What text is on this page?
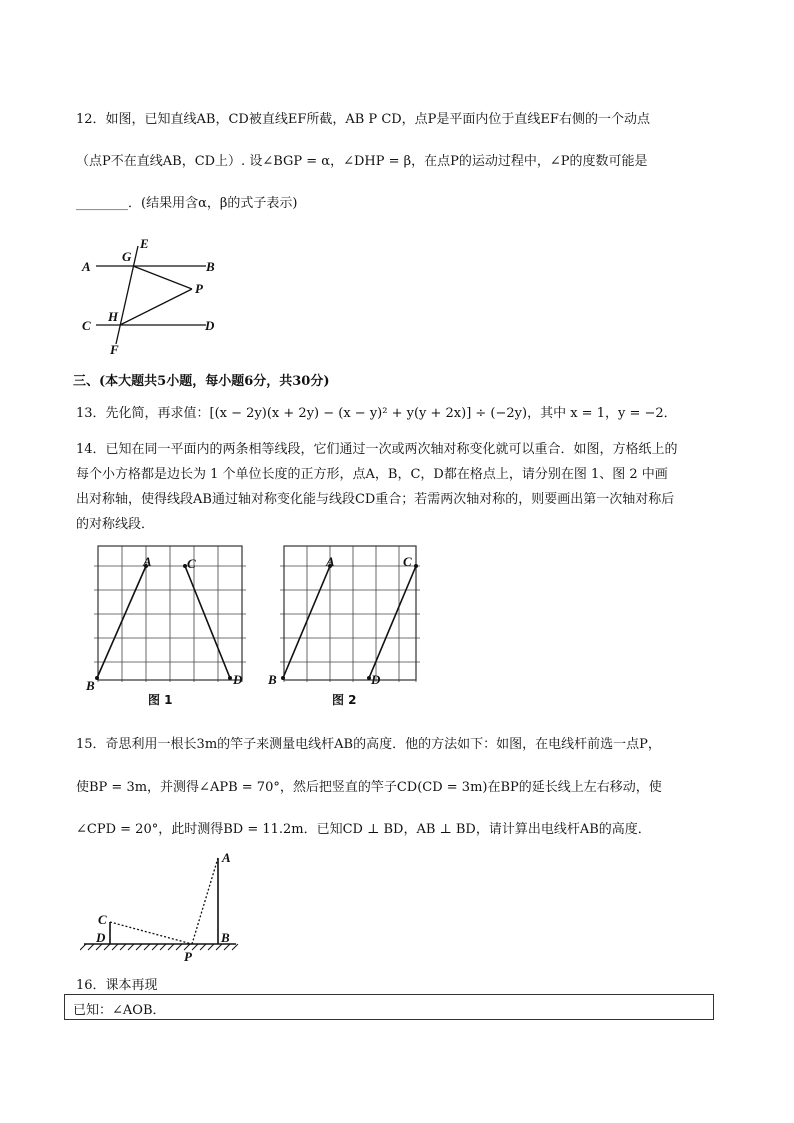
12．如图，已知直线AB，CD被直线EF所截，AB P CD，点P是平面内位于直线EF右侧的一个动点
（点P不在直线AB，CD上）. 设∠BGP = α，∠DHP = β，在点P的运动过程中，∠P的度数可能是
________．(结果用含α，β的式子表示)
A	B
C	D
E
F
G
H
P
三、(本大题共5小题，每小题6分，共30分)
13．先化简，再求值：[(x − 2y)(x + 2y) − (x − y)² + y(y + 2x)] ÷ (−2y)，其中 x = 1，y = −2．
14．已知在同一平面内的两条相等线段，它们通过一次或两次轴对称变化就可以重合．如图，方格纸上的
每个小方格都是边长为 1 个单位长度的正方形，点A，B，C，D都在格点上，请分别在图 1、图 2 中画
出对称轴，使得线段AB通过轴对称变化能与线段CD重合；若需两次轴对称的，则要画出第一次轴对称后
的对称线段．
A
B
C
D
图 1
A
B
C
D
图 2
15．奇思利用一根长3m的竿子来测量电线杆AB的高度．他的方法如下：如图，在电线杆前选一点P，
使BP = 3m，并测得∠APB = 70°，然后把竖直的竿子CD(CD = 3m)在BP的延长线上左右移动，使
∠CPD = 20°，此时测得BD = 11.2m．已知CD ⊥ BD，AB ⊥ BD，请计算出电线杆AB的高度．
A
B
C
D
P
16．课本再现
已知：∠AOB．
